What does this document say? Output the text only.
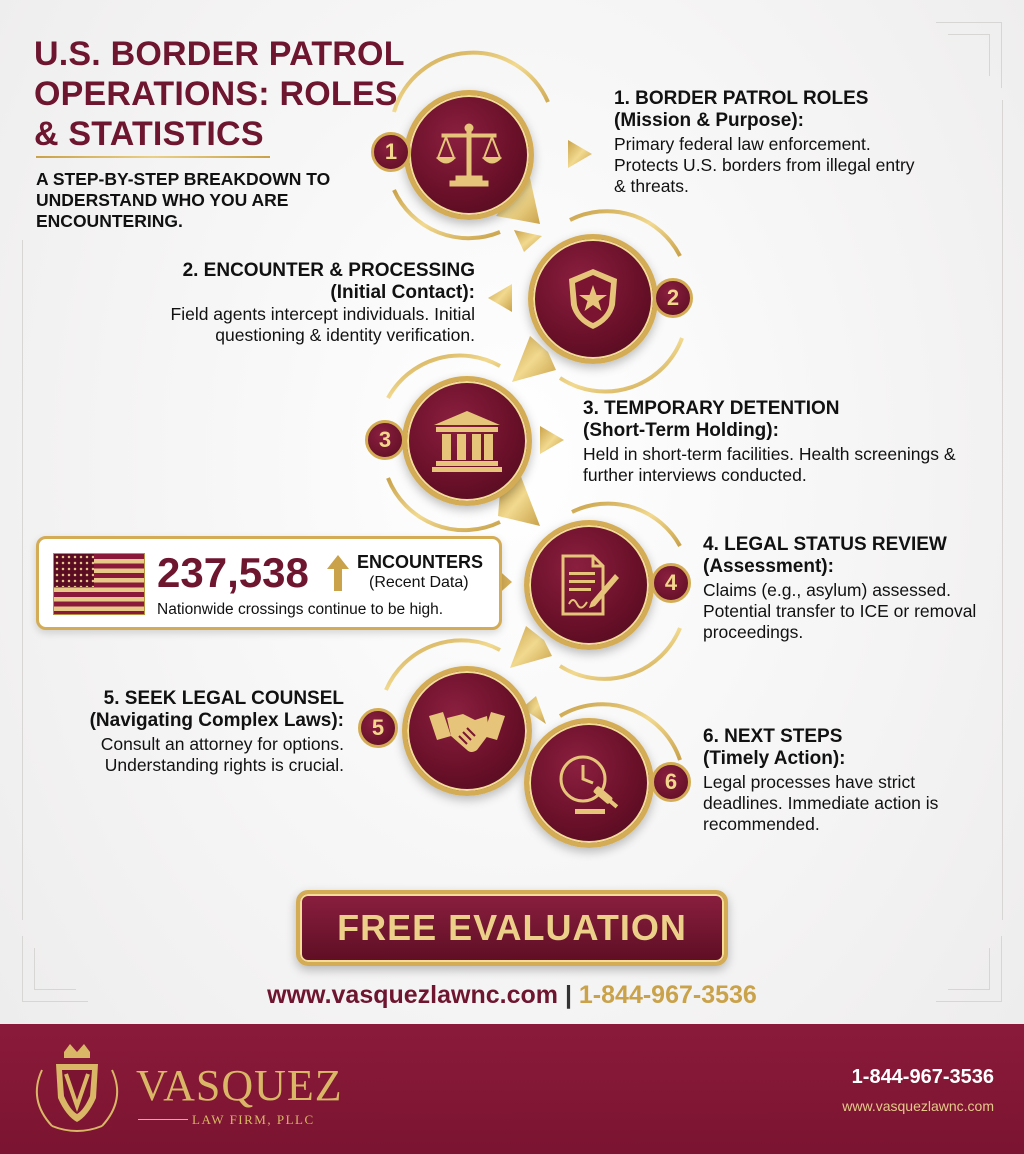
U.S. BORDER PATROL OPERATIONS: ROLES & STATISTICS
A STEP-BY-STEP BREAKDOWN TO UNDERSTAND WHO YOU ARE ENCOUNTERING.
1
1. BORDER PATROL ROLES
(Mission & Purpose):
Primary federal law enforcement. Protects U.S. borders from illegal entry & threats.
2
2. ENCOUNTER & PROCESSING
(Initial Contact):
Field agents intercept individuals. Initial questioning & identity verification.
3
3. TEMPORARY DETENTION
(Short-Term Holding):
Held in short-term facilities. Health screenings & further interviews conducted.
4
4. LEGAL STATUS REVIEW
(Assessment):
Claims (e.g., asylum) assessed. Potential transfer to ICE or removal proceedings.
237,538	ENCOUNTERS
(Recent Data)
Nationwide crossings continue to be high.
5
5. SEEK LEGAL COUNSEL
(Navigating Complex Laws):
Consult an attorney for options. Understanding rights is crucial.
6
6. NEXT STEPS
(Timely Action):
Legal processes have strict deadlines. Immediate action is recommended.
FREE EVALUATION
www.vasquezlawnc.com | 1-844-967-3536
VASQUEZ
LAW FIRM, PLLC
1-844-967-3536
www.vasquezlawnc.com
